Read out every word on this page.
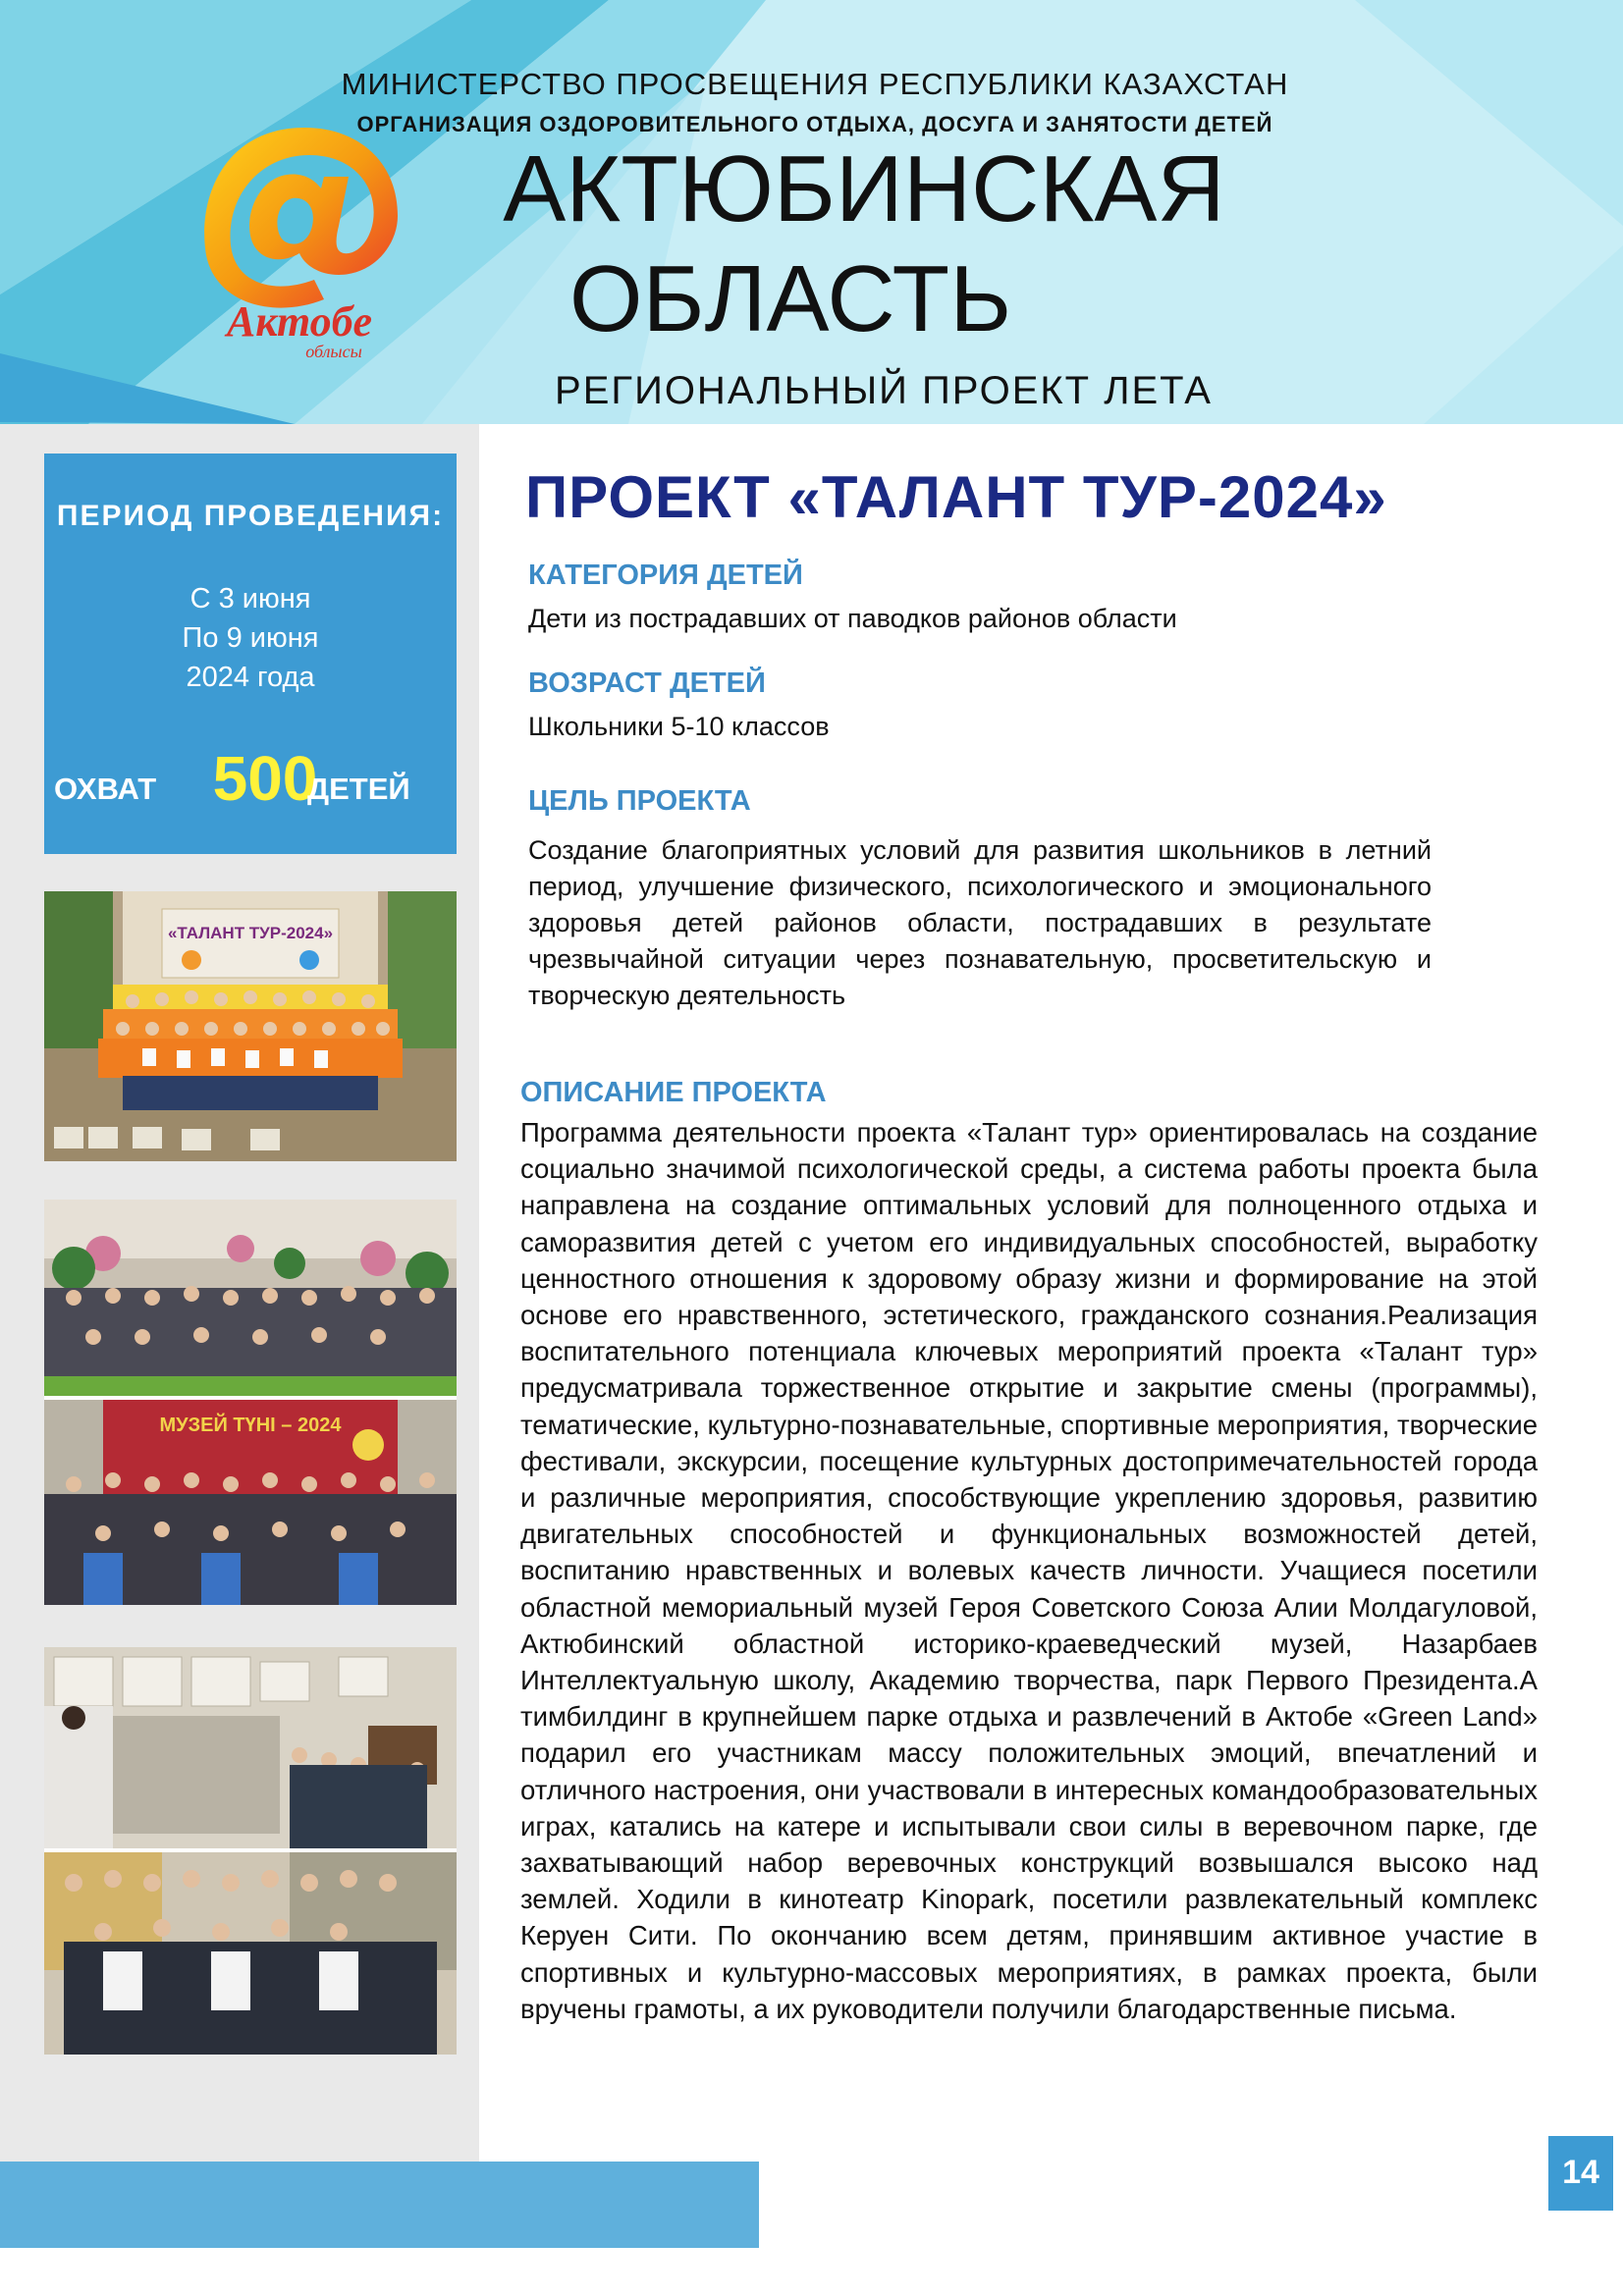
Актобе
облысы
МИНИСТЕРСТВО ПРОСВЕЩЕНИЯ РЕСПУБЛИКИ КАЗАХСТАН
ОРГАНИЗАЦИЯ ОЗДОРОВИТЕЛЬНОГО ОТДЫХА, ДОСУГА И ЗАНЯТОСТИ ДЕТЕЙ
АКТЮБИНСКАЯ
ОБЛАСТЬ
РЕГИОНАЛЬНЫЙ ПРОЕКТ ЛЕТА
ПЕРИОД ПРОВЕДЕНИЯ:
С 3 июня
По 9 июня
2024 года
ОХВАТ 500
ДЕТЕЙ
«ТАЛАНТ ТУР-2024»
МУЗЕЙ ТҮНІ – 2024
ПРОЕКТ «ТАЛАНТ ТУР-2024»
КАТЕГОРИЯ ДЕТЕЙ
Дети из пострадавших от паводков районов области
ВОЗРАСТ ДЕТЕЙ
Школьники 5-10 классов
ЦЕЛЬ ПРОЕКТА
Создание благоприятных условий для развития школьников в летний период, улучшение физического, психологического и эмоционального здоровья детей районов области, пострадавших в результате чрезвычайной ситуации через познавательную, просветительскую и творческую деятельность
ОПИСАНИЕ ПРОЕКТА
Программа деятельности проекта «Талант тур» ориентировалась на создание социально значимой психологической среды, а система работы проекта была направлена на создание оптимальных условий для полноценного отдыха и саморазвития детей с учетом его индивидуальных способностей, выработку ценностного отношения к здоровому образу жизни и формирование на этой основе его нравственного, эстетического, гражданского сознания.Реализация воспитательного потенциала ключевых мероприятий проекта «Талант тур» предусматривала торжественное открытие и закрытие смены (программы), тематические, культурно-познавательные, спортивные мероприятия, творческие фестивали, экскурсии, посещение культурных достопримечательностей города и различные мероприятия, способствующие укреплению здоровья, развитию двигательных способностей и функциональных возможностей детей, воспитанию нравственных и волевых качеств личности. Учащиеся посетили областной мемориальный музей Героя Советского Союза Алии Молдагуловой, Актюбинский областной историко-краеведческий музей, Назарбаев Интеллектуальную школу, Академию творчества, парк Первого Президента.А тимбилдинг в крупнейшем парке отдыха и развлечений в Актобе «Green Land» подарил его участникам массу положительных эмоций, впечатлений и отличного настроения, они участвовали в интересных командообразовательных играх, катались на катере и испытывали свои силы в веревочном парке, где захватывающий набор веревочных конструкций возвышался высоко над землей. Ходили в кинотеатр Kinopark, посетили развлекательный комплекс Керуен Сити. По окончанию всем детям, принявшим активное участие в спортивных и культурно-массовых мероприятиях, в рамках проекта, были вручены грамоты, а их руководители получили благодарственные письма.
14
